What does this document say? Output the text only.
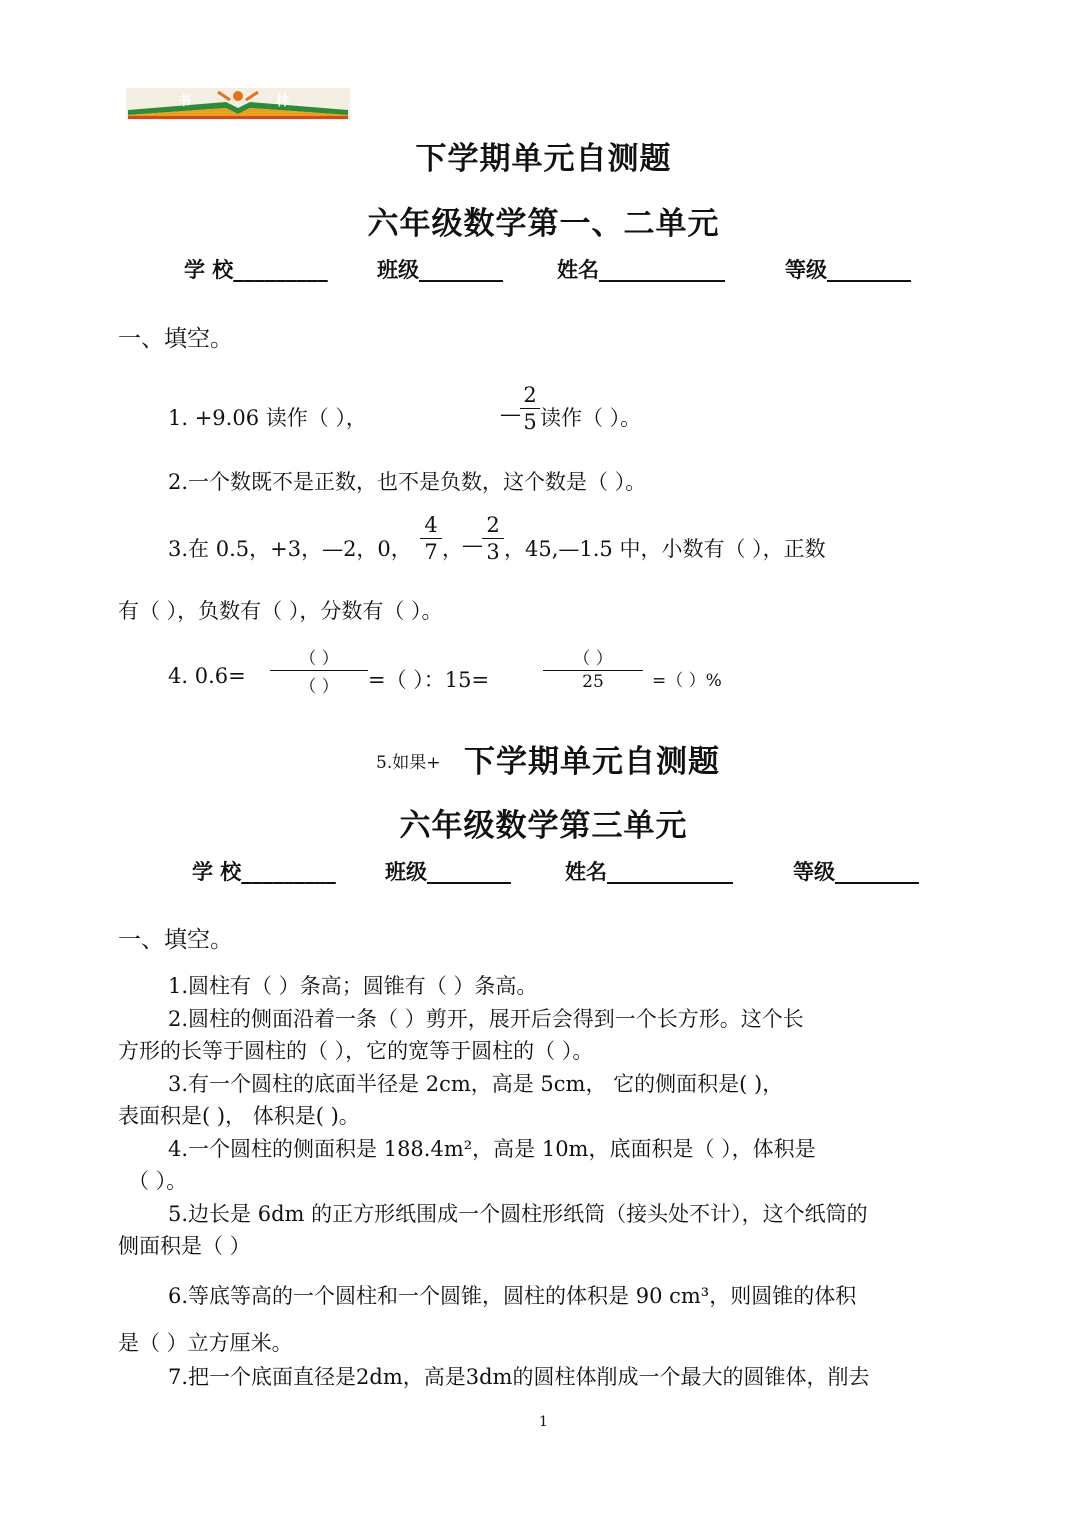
书	林
下学期单元自测题
六年级数学第一、二单元
学 校_________ 班级________	姓名____________	等级________
一、填空。
1. +9.06 读作（ ），	—
2
5 读作（ ）。
2.一个数既不是正数，也不是负数，这个数是（ ）。
3.在 0.5，+3，—2，0，
4
7 ， —
2
3 ，45,—1.5 中，小数有（ ），正数
有（ ），负数有（ ），分数有（ ）。
4. 0.6=
（ ）
（ ）	=（ ）：15=
（ ）
25	=（ ）%
5.如果+ 下学期单元自测题
六年级数学第三单元
学 校_________ 班级________	姓名____________	等级________
一、填空。
1.圆柱有（ ）条高；圆锥有（ ）条高。
2.圆柱的侧面沿着一条（ ）剪开，展开后会得到一个长方形。这个长
方形的长等于圆柱的（ ），它的宽等于圆柱的（ ）。
3.有一个圆柱的底面半径是 2cm，高是 5cm， 它的侧面积是( )，
表面积是( )， 体积是( )。
4.一个圆柱的侧面积是 188.4m²，高是 10m，底面积是（ ），体积是
（ ）。
5.边长是 6dm 的正方形纸围成一个圆柱形纸筒（接头处不计），这个纸筒的
侧面积是（ ）
6.等底等高的一个圆柱和一个圆锥，圆柱的体积是 90 cm³，则圆锥的体积
是（ ）立方厘米。
7.把一个底面直径是2dm，高是3dm的圆柱体削成一个最大的圆锥体，削去
1
